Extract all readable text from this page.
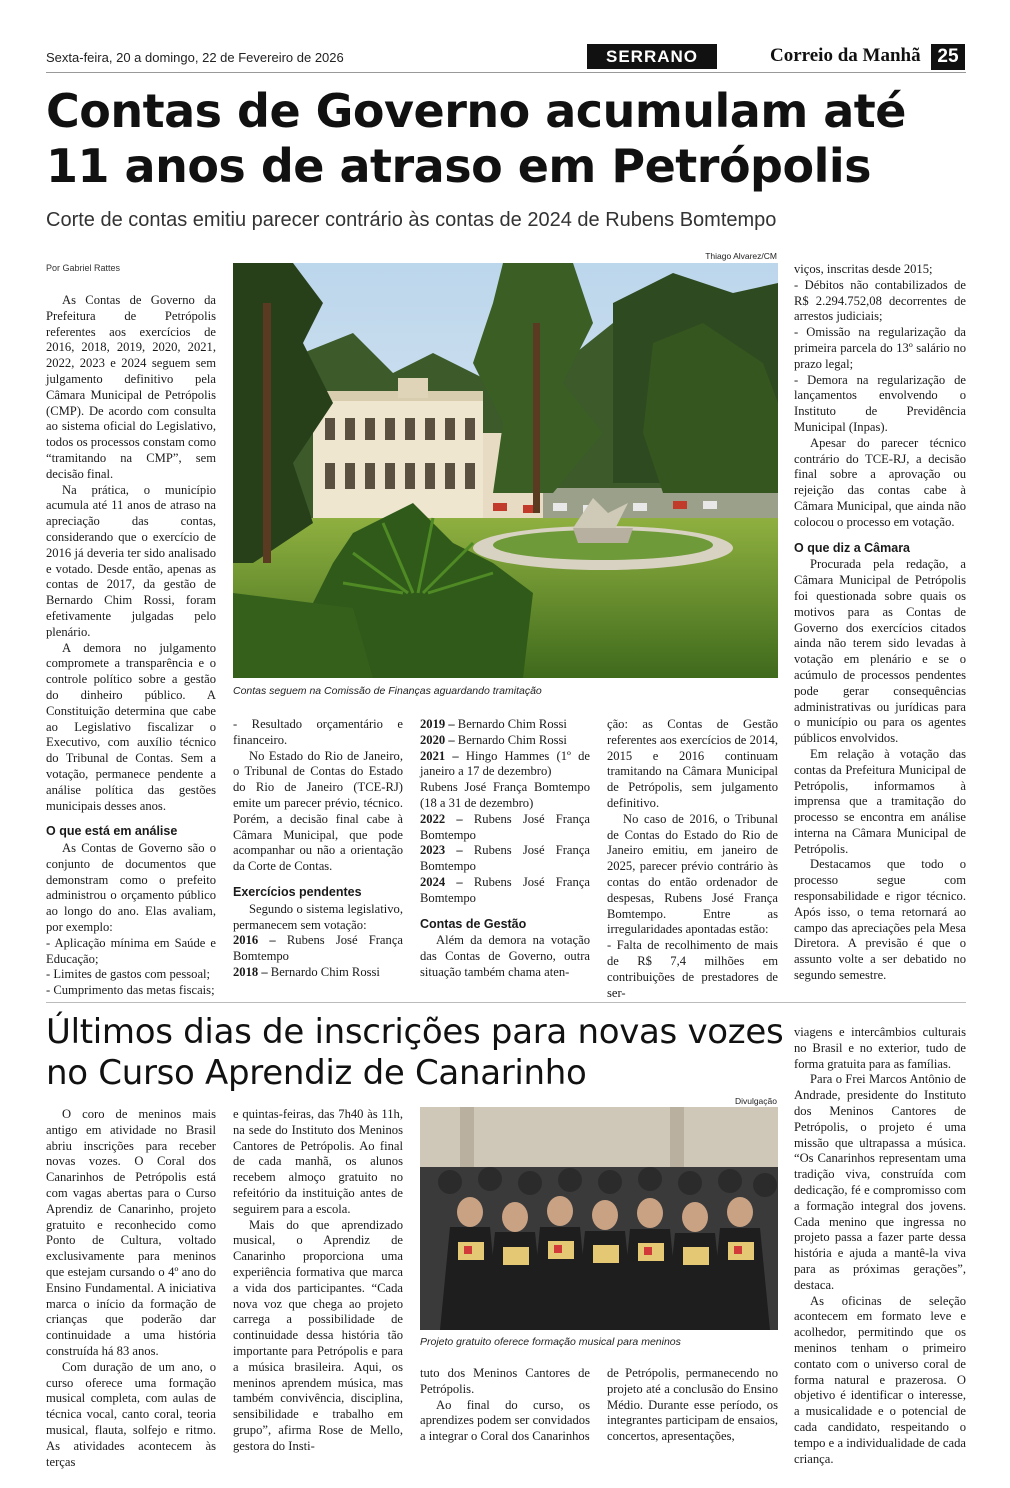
Sexta-feira, 20 a domingo, 22 de Fevereiro de 2026	SERRANO	Correio da Manhã 25
Contas de Governo acumulam até 11 anos de atraso em Petrópolis
Corte de contas emitiu parecer contrário às contas de 2024 de Rubens Bomtempo
Por Gabriel Rattes
Thiago Alvarez/CM
Contas seguem na Comissão de Finanças aguardando tramitação

As Contas de Governo da Prefeitura de Petrópolis referentes aos exercícios de 2016, 2018, 2019, 2020, 2021, 2022, 2023 e 2024 seguem sem julgamento definitivo pela Câmara Municipal de Petrópolis (CMP). De acordo com consulta ao sistema oficial do Legislativo, todos os processos constam como “tramitando na CMP”, sem decisão final.

Na prática, o município acumula até 11 anos de atraso na apreciação das contas, considerando que o exercício de 2016 já deveria ter sido analisado e votado. Desde então, apenas as contas de 2017, da gestão de Bernardo Chim Rossi, foram efetivamente julgadas pelo plenário.

A demora no julgamento compromete a transparência e o controle político sobre a gestão do dinheiro público. A Constituição determina que cabe ao Legislativo fiscalizar o Executivo, com auxílio técnico do Tribunal de Contas. Sem a votação, permanece pendente a análise política das gestões municipais desses anos.

O que está em análise

As Contas de Governo são o conjunto de documentos que demonstram como o prefeito administrou o orçamento público ao longo do ano. Elas avaliam, por exemplo:

- Aplicação mínima em Saúde e Educação;

- Limites de gastos com pessoal;

- Cumprimento das metas fiscais;

- Resultado orçamentário e financeiro.

No Estado do Rio de Janeiro, o Tribunal de Contas do Estado do Rio de Janeiro (TCE-RJ) emite um parecer prévio, técnico. Porém, a decisão final cabe à Câmara Municipal, que pode acompanhar ou não a orientação da Corte de Contas.

Exercícios pendentes

Segundo o sistema legislativo, permanecem sem votação:

2016 – Rubens José França Bomtempo

2018 – Bernardo Chim Rossi

2019 – Bernardo Chim Rossi

2020 – Bernardo Chim Rossi

2021 – Hingo Hammes (1º de janeiro a 17 de dezembro)

Rubens José França Bomtempo (18 a 31 de dezembro)

2022 – Rubens José França Bomtempo

2023 – Rubens José França Bomtempo

2024 – Rubens José França Bomtempo

Contas de Gestão

Além da demora na votação das Contas de Governo, outra situação também chama aten-

ção: as Contas de Gestão referentes aos exercícios de 2014, 2015 e 2016 continuam tramitando na Câmara Municipal de Petrópolis, sem julgamento definitivo.

No caso de 2016, o Tribunal de Contas do Estado do Rio de Janeiro emitiu, em janeiro de 2025, parecer prévio contrário às contas do então ordenador de despesas, Rubens José França Bomtempo. Entre as irregularidades apontadas estão:

- Falta de recolhimento de mais de R$ 7,4 milhões em contribuições de prestadores de ser-

viços, inscritas desde 2015;

- Débitos não contabilizados de R$ 2.294.752,08 decorrentes de arrestos judiciais;

- Omissão na regularização da primeira parcela do 13º salário no prazo legal;

- Demora na regularização de lançamentos envolvendo o Instituto de Previdência Municipal (Inpas).

Apesar do parecer técnico contrário do TCE-RJ, a decisão final sobre a aprovação ou rejeição das contas cabe à Câmara Municipal, que ainda não colocou o processo em votação.

O que diz a Câmara

Procurada pela redação, a Câmara Municipal de Petrópolis foi questionada sobre quais os motivos para as Contas de Governo dos exercícios citados ainda não terem sido levadas à votação em plenário e se o acúmulo de processos pendentes pode gerar consequências administrativas ou jurídicas para o município ou para os agentes públicos envolvidos.

Em relação à votação das contas da Prefeitura Municipal de Petrópolis, informamos à imprensa que a tramitação do processo se encontra em análise interna na Câmara Municipal de Petrópolis.

Destacamos que todo o processo segue com responsabilidade e rigor técnico. Após isso, o tema retornará ao campo das apreciações pela Mesa Diretora. A previsão é que o assunto volte a ser debatido no segundo semestre.

Últimos dias de inscrições para novas vozes no Curso Aprendiz de Canarinho
Divulgação
Projeto gratuito oferece formação musical para meninos

O coro de meninos mais antigo em atividade no Brasil abriu inscrições para receber novas vozes. O Coral dos Canarinhos de Petrópolis está com vagas abertas para o Curso Aprendiz de Canarinho, projeto gratuito e reconhecido como Ponto de Cultura, voltado exclusivamente para meninos que estejam cursando o 4º ano do Ensino Fundamental. A iniciativa marca o início da formação de crianças que poderão dar continuidade a uma história construída há 83 anos.

Com duração de um ano, o curso oferece uma formação musical completa, com aulas de técnica vocal, canto coral, teoria musical, flauta, solfejo e ritmo. As atividades acontecem às terças

e quintas-feiras, das 7h40 às 11h, na sede do Instituto dos Meninos Cantores de Petrópolis. Ao final de cada manhã, os alunos recebem almoço gratuito no refeitório da instituição antes de seguirem para a escola.

Mais do que aprendizado musical, o Aprendiz de Canarinho proporciona uma experiência formativa que marca a vida dos participantes. “Cada nova voz que chega ao projeto carrega a possibilidade de continuidade dessa história tão importante para Petrópolis e para a música brasileira. Aqui, os meninos aprendem música, mas também convivência, disciplina, sensibilidade e trabalho em grupo”, afirma Rose de Mello, gestora do Insti-

tuto dos Meninos Cantores de Petrópolis.

Ao final do curso, os aprendizes podem ser convidados a integrar o Coral dos Canarinhos

de Petrópolis, permanecendo no projeto até a conclusão do Ensino Médio. Durante esse período, os integrantes participam de ensaios, concertos, apresentações,

viagens e intercâmbios culturais no Brasil e no exterior, tudo de forma gratuita para as famílias.

Para o Frei Marcos Antônio de Andrade, presidente do Instituto dos Meninos Cantores de Petrópolis, o projeto é uma missão que ultrapassa a música. “Os Canarinhos representam uma tradição viva, construída com dedicação, fé e compromisso com a formação integral dos jovens. Cada menino que ingressa no projeto passa a fazer parte dessa história e ajuda a mantê-la viva para as próximas gerações”, destaca.

As oficinas de seleção acontecem em formato leve e acolhedor, permitindo que os meninos tenham o primeiro contato com o universo coral de forma natural e prazerosa. O objetivo é identificar o interesse, a musicalidade e o potencial de cada candidato, respeitando o tempo e a individualidade de cada criança.
